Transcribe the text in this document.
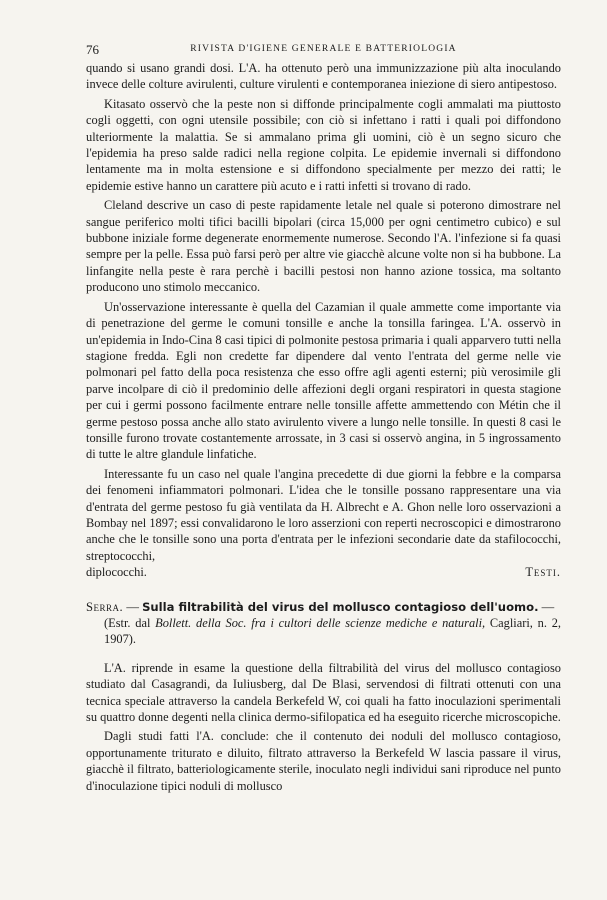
76	RIVISTA D'IGIENE GENERALE E BATTERIOLOGIA

quando si usano grandi dosi. L'A. ha ottenuto però una immunizzazione più alta inoculando invece delle colture avirulenti, culture virulenti e contemporanea iniezione di siero antipestoso.

Kitasato osservò che la peste non si diffonde principalmente cogli ammalati ma piuttosto cogli oggetti, con ogni utensile possibile; con ciò si infettano i ratti i quali poi diffondono ulteriormente la malattia. Se si ammalano prima gli uomini, ciò è un segno sicuro che l'epidemia ha preso salde radici nella regione colpita. Le epidemie invernali si diffondono lentamente ma in molta estensione e si diffondono specialmente per mezzo dei ratti; le epidemie estive hanno un carattere più acuto e i ratti infetti si trovano di rado.

Cleland descrive un caso di peste rapidamente letale nel quale si poterono dimostrare nel sangue periferico molti tifici bacilli bipolari (circa 15,000 per ogni centimetro cubico) e sul bubbone iniziale forme degenerate enormemente numerose. Secondo l'A. l'infezione si fa quasi sempre per la pelle. Essa può farsi però per altre vie giacchè alcune volte non si ha bubbone. La linfangite nella peste è rara perchè i bacilli pestosi non hanno azione tossica, ma soltanto producono uno stimolo meccanico.

Un'osservazione interessante è quella del Cazamian il quale ammette come importante via di penetrazione del germe le comuni tonsille e anche la tonsilla faringea. L'A. osservò in un'epidemia in Indo-Cina 8 casi tipici di polmonite pestosa primaria i quali apparvero tutti nella stagione fredda. Egli non credette far dipendere dal vento l'entrata del germe nelle vie polmonari pel fatto della poca resistenza che esso offre agli agenti esterni; più verosimile gli parve incolpare di ciò il predominio delle affezioni degli organi respiratori in questa stagione per cui i germi possono facilmente entrare nelle tonsille affette ammettendo con Métin che il germe pestoso possa anche allo stato avirulento vivere a lungo nelle tonsille. In questi 8 casi le tonsille furono trovate costantemente arrossate, in 3 casi si osservò angina, in 5 ingrossamento di tutte le altre glandule linfatiche.

Interessante fu un caso nel quale l'angina precedette di due giorni la febbre e la comparsa dei fenomeni infiammatori polmonari. L'idea che le tonsille possano rappresentare una via d'entrata del germe pestoso fu già ventilata da H. Albrecht e A. Ghon nelle loro osservazioni a Bombay nel 1897; essi convalidarono le loro asserzioni con reperti necroscopici e dimostrarono anche che le tonsille sono una porta d'entrata per le infezioni secondarie date da stafilococchi, streptococchi,

diplococchi.	Testi.
Serra. — Sulla filtrabilità del virus del mollusco contagioso dell'uomo. —
(Estr. dal Bollett. della Soc. fra i cultori delle scienze mediche e naturali, Cagliari, n. 2, 1907).

L'A. riprende in esame la questione della filtrabilità del virus del mollusco contagioso studiato dal Casagrandi, da Iuliusberg, dal De Blasi, servendosi di filtrati ottenuti con una tecnica speciale attraverso la candela Berkefeld W, coi quali ha fatto inoculazioni sperimentali su quattro donne degenti nella clinica dermo-sifilopatica ed ha eseguito ricerche microscopiche.

Dagli studi fatti l'A. conclude: che il contenuto dei noduli del mollusco contagioso, opportunamente triturato e diluito, filtrato attraverso la Berkefeld W lascia passare il virus, giacchè il filtrato, batteriologicamente sterile, inoculato negli individui sani riproduce nel punto d'inoculazione tipici noduli di mollusco
